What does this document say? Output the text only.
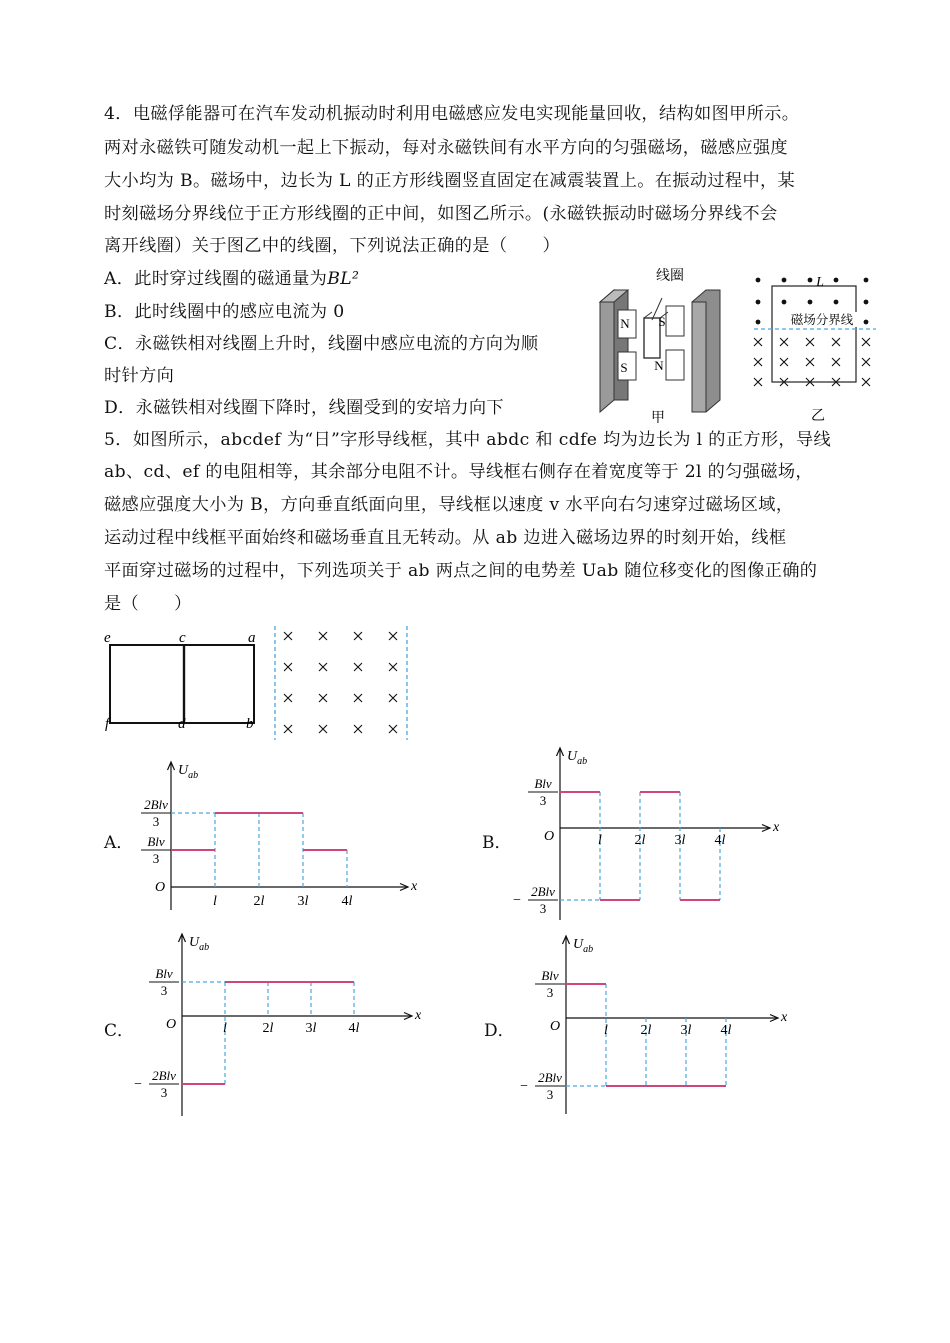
4．电磁俘能器可在汽车发动机振动时利用电磁感应发电实现能量回收，结构如图甲所示。
两对永磁铁可随发动机一起上下振动，每对永磁铁间有水平方向的匀强磁场，磁感应强度
大小均为 B。磁场中，边长为 L 的正方形线圈竖直固定在减震装置上。在振动过程中，某
时刻磁场分界线位于正方形线圈的正中间，如图乙所示。(永磁铁振动时磁场分界线不会
离开线圈）关于图乙中的线圈，下列说法正确的是（　　）
A．此时穿过线圈的磁通量为BL²
B．此时线圈中的感应电流为 0
C．永磁铁相对线圈上升时，线圈中感应电流的方向为顺
时针方向
D．永磁铁相对线圈下降时，线圈受到的安培力向下
N
S
S
N
线圈
甲
L
磁场分界线
乙
5．如图所示，abcdef 为“日”字形导线框，其中 abdc 和 cdfe 均为边长为 l 的正方形，导线
ab、cd、ef 的电阻相等，其余部分电阻不计。导线框右侧存在着宽度等于 2l 的匀强磁场，
磁感应强度大小为 B，方向垂直纸面向里，导线框以速度 v 水平向右匀速穿过磁场区域，
运动过程中线框平面始终和磁场垂直且无转动。从 ab 边进入磁场边界的时刻开始，线框
平面穿过磁场的过程中，下列选项关于 ab 两点之间的电势差 Uab 随位移变化的图像正确的
是（　　）
e	c	a
f	d	b
A．	B．
C．	D．
$U_{ab}$
x
O
l	2l 3l 4l
Blv
3
2Blv
3
$U_{ab}$
x
O	l 2l 3l 4l
Blv
3
−
2Blv
3
$U_{ab}$
x
O	l	2l 3l 4l
−
2Blv
3
Blv
3
$U_{ab}$
x
O	l 2l 3l 4l
Blv
3
−
2Blv
3
